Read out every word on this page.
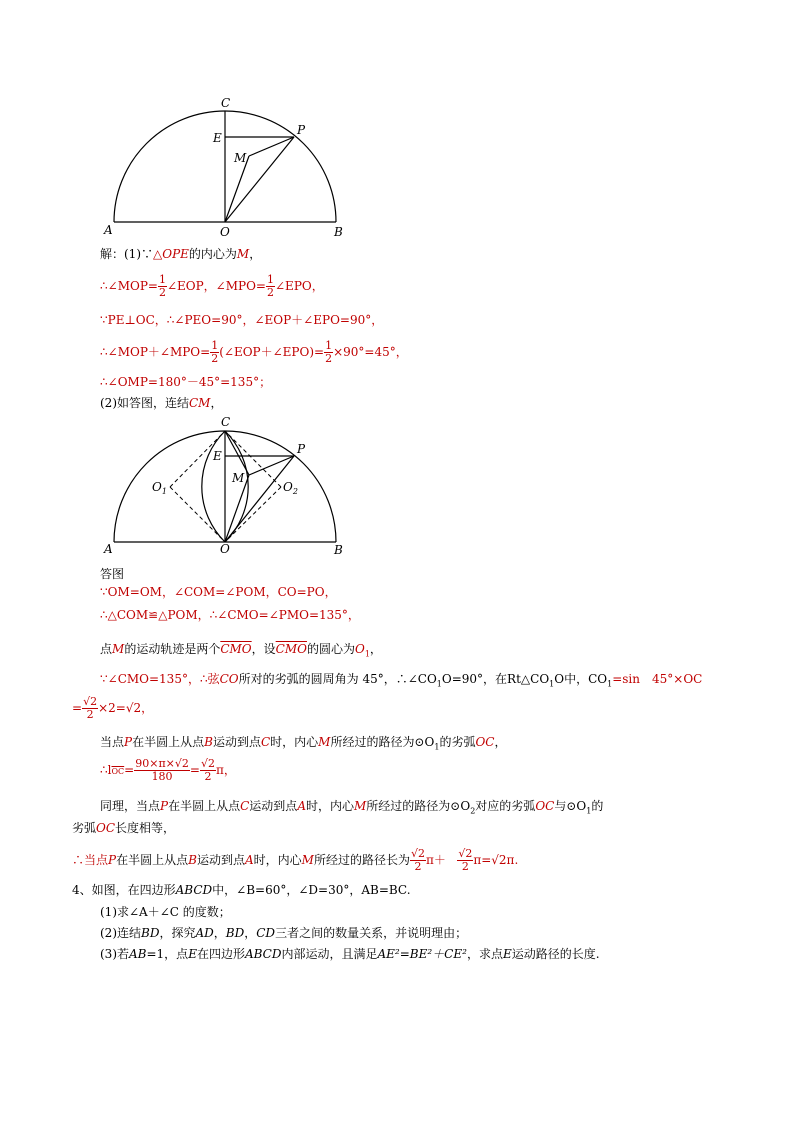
A	B
C
O
E
P
M
解：(1)∵△OPE的内心为M，
∴∠MOP= $\frac{1}{2}$ ∠EOP，∠MPO= $\frac{1}{2}$ ∠EPO，
∵PE⊥OC，∴∠PEO=90°，∠EOP＋∠EPO=90°，
∴∠MOP＋∠MPO= $\frac{1}{2}$ (∠EOP＋∠EPO)= $\frac{1}{2} \times 90^\circ=45^\circ$，
∴∠OMP=180°－45°=135°；
(2)如答图，连结CM，
A	B
C
O
E	P
M
$O_1$	$O_2$
答图
∵OM=OM，∠COM=∠POM，CO=PO，
∴△COM≌△POM，∴∠CMO=∠PMO=135°，
点M的运动轨迹是两个$\overline{CMO}$，设$\overline{CMO}$的圆心为$O_1$，
∵∠CMO=135°，∴弦CO所对的劣弧的圆周角为 45°，$\therefore\angle CO_1O=90^\circ$，在$Rt\triangle CO_1O$中，$CO_1=\sin$　45°×OC
= $\frac{√2}{2} \times 2=√2$，
当点P在半圆上从点B运动到点C时，内心M所经过的路径为$⊙O_1$的劣弧OC，
$\therefore l\overline{OC}= \frac{90\times\pi\times√2}{180} = \frac{√2}{2}$ π，
同理，当点P在半圆上从点C运动到点A时，内心M所经过的路径为$⊙O_2$对应的劣弧OC与$⊙O_1$的
劣弧OC长度相等，
∴当点P在半圆上从点B运动到点A时，内心M所经过的路径长为 $\frac{√2}{2} \pi+ \frac{√2}{2} \pi=√2\pi$.
4、如图，在四边形ABCD中，∠B=60°，∠D=30°，AB=BC.
(1)求∠A＋∠C 的度数；
(2)连结BD，探究AD，BD，CD三者之间的数量关系，并说明理由；
(3)若AB=1，点E在四边形ABCD内部运动，且满足AE²=BE²＋CE²，求点E运动路径的长度.
